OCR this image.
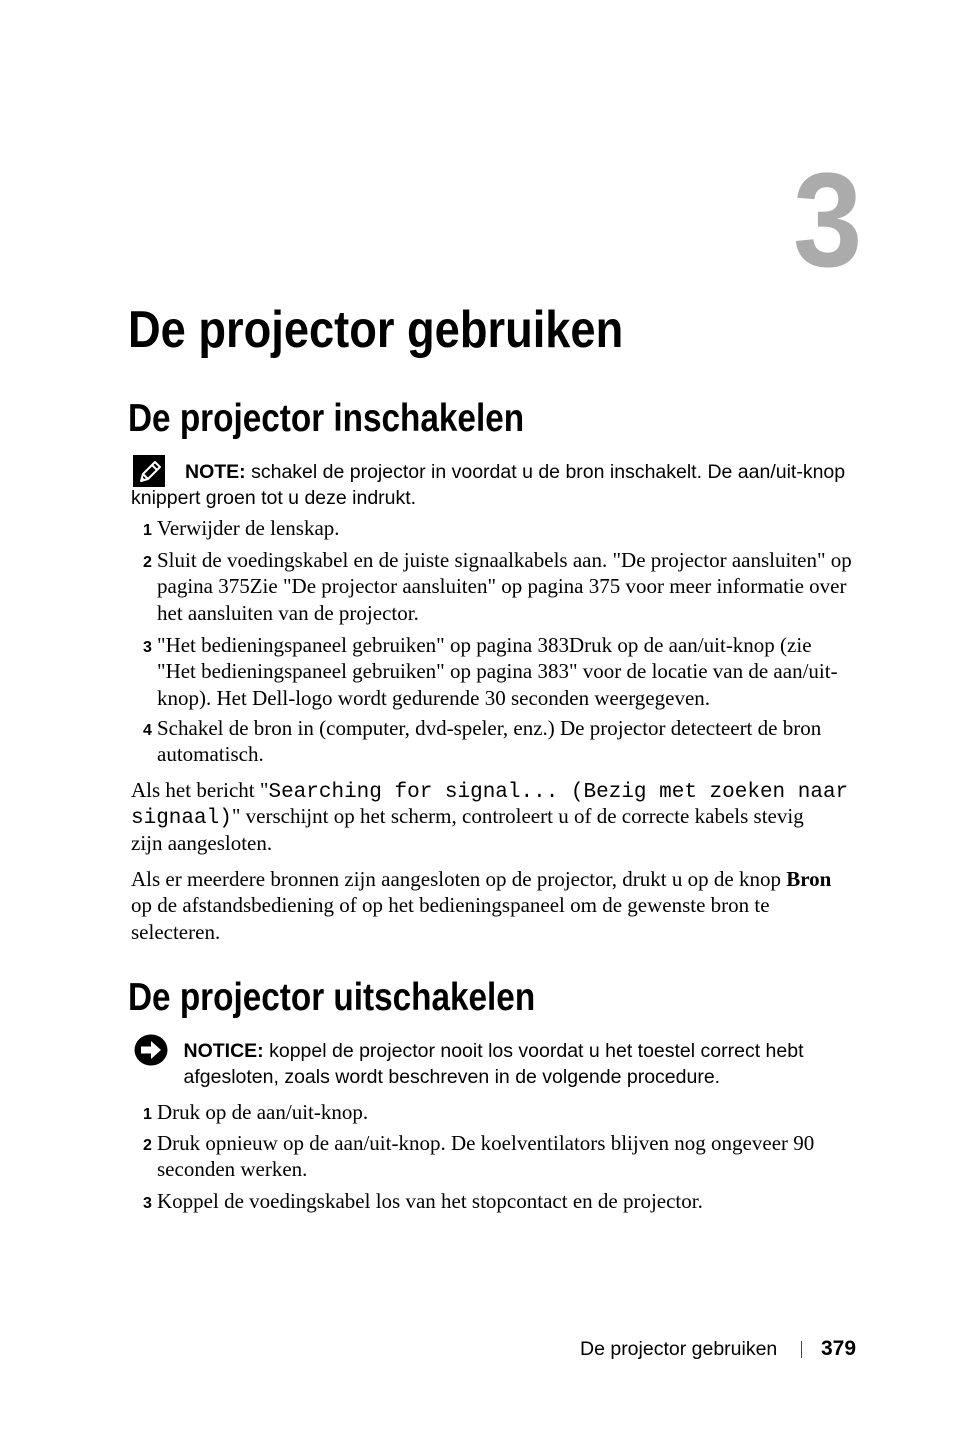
3
De projector gebruiken
De projector inschakelen
NOTE: schakel de projector in voordat u de bron inschakelt. De aan/uit-knop
knippert groen tot u deze indrukt.
1 Verwijder de lenskap.
2 Sluit de voedingskabel en de juiste signaalkabels aan. "De projector aansluiten" op
pagina 375Zie "De projector aansluiten" op pagina 375 voor meer informatie over
het aansluiten van de projector.
3 "Het bedieningspaneel gebruiken" op pagina 383Druk op de aan/uit-knop (zie
"Het bedieningspaneel gebruiken" op pagina 383" voor de locatie van de aan/uit-
knop). Het Dell-logo wordt gedurende 30 seconden weergegeven.
4 Schakel de bron in (computer, dvd-speler, enz.) De projector detecteert de bron
automatisch.
Als het bericht "Searching for signal... (Bezig met zoeken naar
signaal)" verschijnt op het scherm, controleert u of de correcte kabels stevig
zijn aangesloten.
Als er meerdere bronnen zijn aangesloten op de projector, drukt u op de knop Bron
op de afstandsbediening of op het bedieningspaneel om de gewenste bron te
selecteren.
De projector uitschakelen
NOTICE: koppel de projector nooit los voordat u het toestel correct hebt
afgesloten, zoals wordt beschreven in de volgende procedure.
1 Druk op de aan/uit-knop.
2 Druk opnieuw op de aan/uit-knop. De koelventilators blijven nog ongeveer 90
seconden werken.
3 Koppel de voedingskabel los van het stopcontact en de projector.
De projector gebruiken 379
